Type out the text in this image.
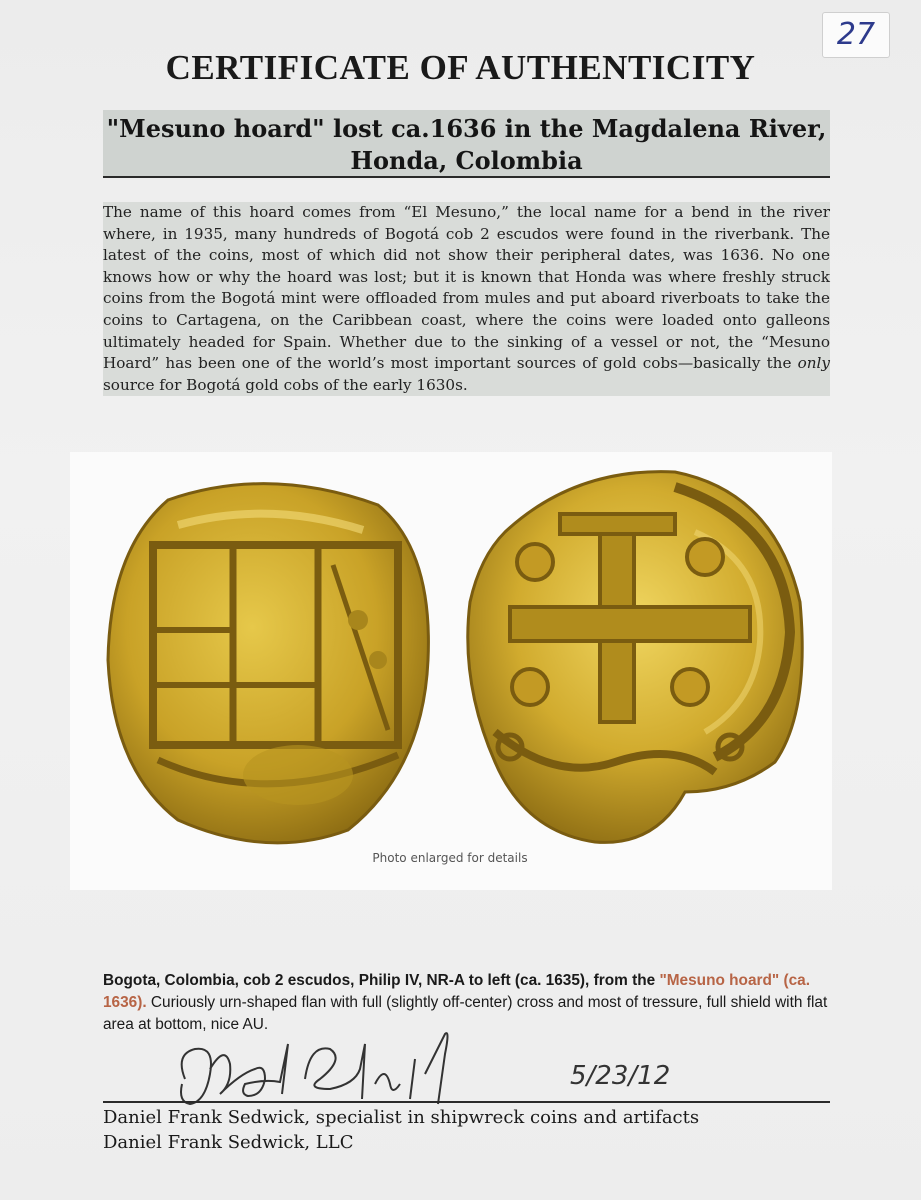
27
CERTIFICATE OF AUTHENTICITY
"Mesuno hoard" lost ca.1636 in the Magdalena River,
Honda, Colombia
The name of this hoard comes from “El Mesuno,” the local name for a bend in the river where, in 1935, many hundreds of Bogotá cob 2 escudos were found in the riverbank. The latest of the coins, most of which did not show their peripheral dates, was 1636. No one knows how or why the hoard was lost; but it is known that Honda was where freshly struck coins from the Bogotá mint were offloaded from mules and put aboard riverboats to take the coins to Cartagena, on the Caribbean coast, where the coins were loaded onto galleons ultimately headed for Spain. Whether due to the sinking of a vessel or not, the “Mesuno Hoard” has been one of the world’s most important sources of gold cobs—basically the only source for Bogotá gold cobs of the early 1630s.
Photo enlarged for details
Bogota, Colombia, cob 2 escudos, Philip IV, NR-A to left (ca. 1635), from the "Mesuno hoard" (ca. 1636). Curiously urn-shaped flan with full (slightly off-center) cross and most of tressure, full shield with flat area at bottom, nice AU.
5/23/12
Daniel Frank Sedwick, specialist in shipwreck coins and artifacts
Daniel Frank Sedwick, LLC
